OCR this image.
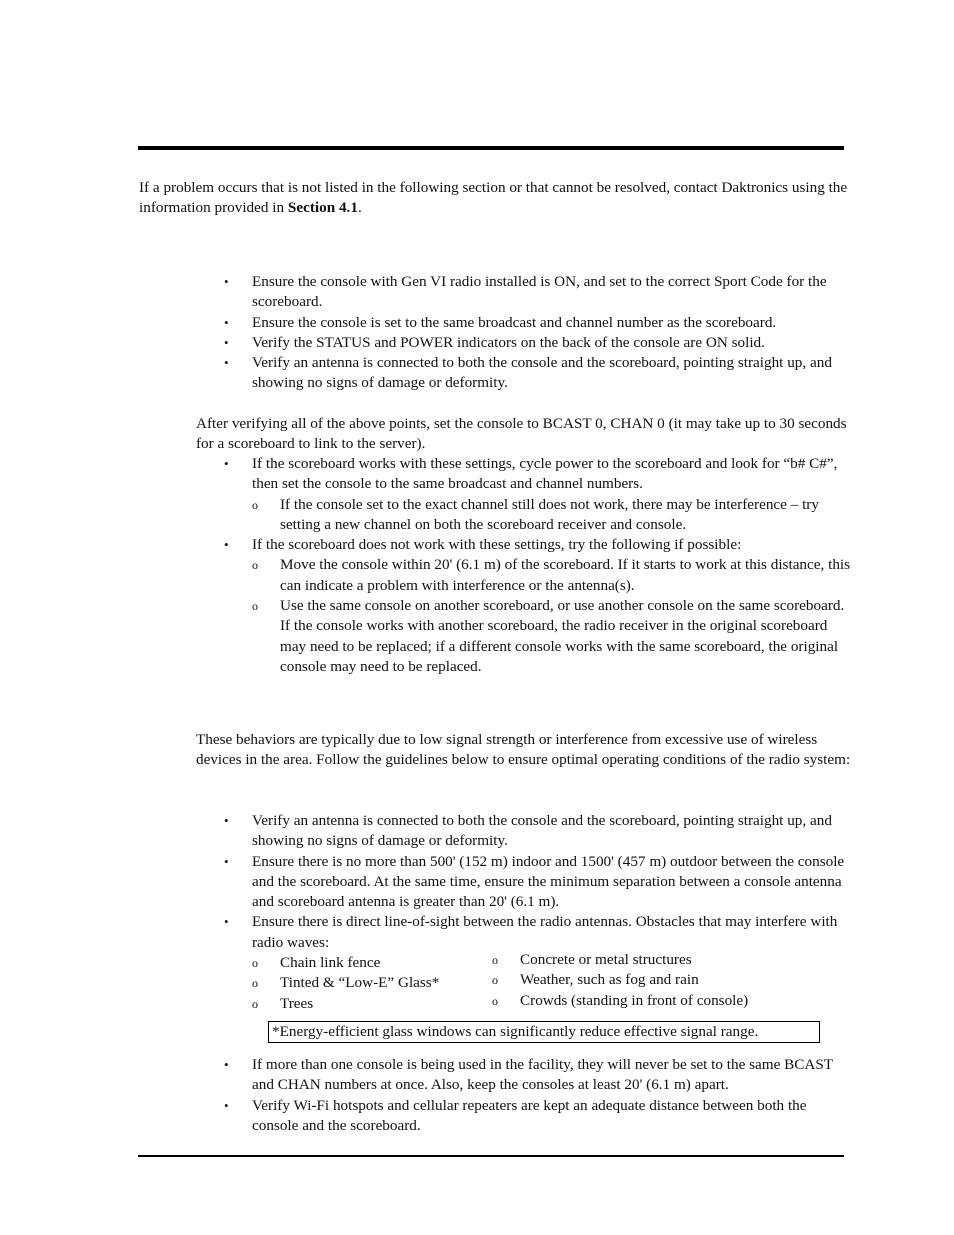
If a problem occurs that is not listed in the following section or that cannot be resolved, contact Daktronics using the information provided in Section 4.1.

• Ensure the console with Gen VI radio installed is ON, and set to the correct Sport Code for the scoreboard.
• Ensure the console is set to the same broadcast and channel number as the scoreboard.
• Verify the STATUS and POWER indicators on the back of the console are ON solid.
• Verify an antenna is connected to both the console and the scoreboard, pointing straight up, and showing no signs of damage or deformity.

After verifying all of the above points, set the console to BCAST 0, CHAN 0 (it may take up to 30 seconds for a scoreboard to link to the server).

• If the scoreboard works with these settings, cycle power to the scoreboard and look for “b# C#”, then set the console to the same broadcast and channel numbers.
o If the console set to the exact channel still does not work, there may be interference – try setting a new channel on both the scoreboard receiver and console.
• If the scoreboard does not work with these settings, try the following if possible:
o Move the console within 20' (6.1 m) of the scoreboard. If it starts to work at this distance, this can indicate a problem with interference or the antenna(s).
o Use the same console on another scoreboard, or use another console on the same scoreboard. If the console works with another scoreboard, the radio receiver in the original scoreboard may need to be replaced; if a different console works with the same scoreboard, the original console may need to be replaced.

These behaviors are typically due to low signal strength or interference from excessive use of wireless devices in the area. Follow the guidelines below to ensure optimal operating conditions of the radio system:

• Verify an antenna is connected to both the console and the scoreboard, pointing straight up, and showing no signs of damage or deformity.
• Ensure there is no more than 500' (152 m) indoor and 1500' (457 m) outdoor between the console and the scoreboard. At the same time, ensure the minimum separation between a console antenna and scoreboard antenna is greater than 20' (6.1 m).
• Ensure there is direct line-of-sight between the radio antennas. Obstacles that may interfere with radio waves:
o Chain link fence
o Tinted & “Low-E” Glass*
o Trees
o Concrete or metal structures
o Weather, such as fog and rain
o Crowds (standing in front of console)
*Energy-efficient glass windows can significantly reduce effective signal range.
• If more than one console is being used in the facility, they will never be set to the same BCAST and CHAN numbers at once. Also, keep the consoles at least 20' (6.1 m) apart.
• Verify Wi-Fi hotspots and cellular repeaters are kept an adequate distance between both the console and the scoreboard.
